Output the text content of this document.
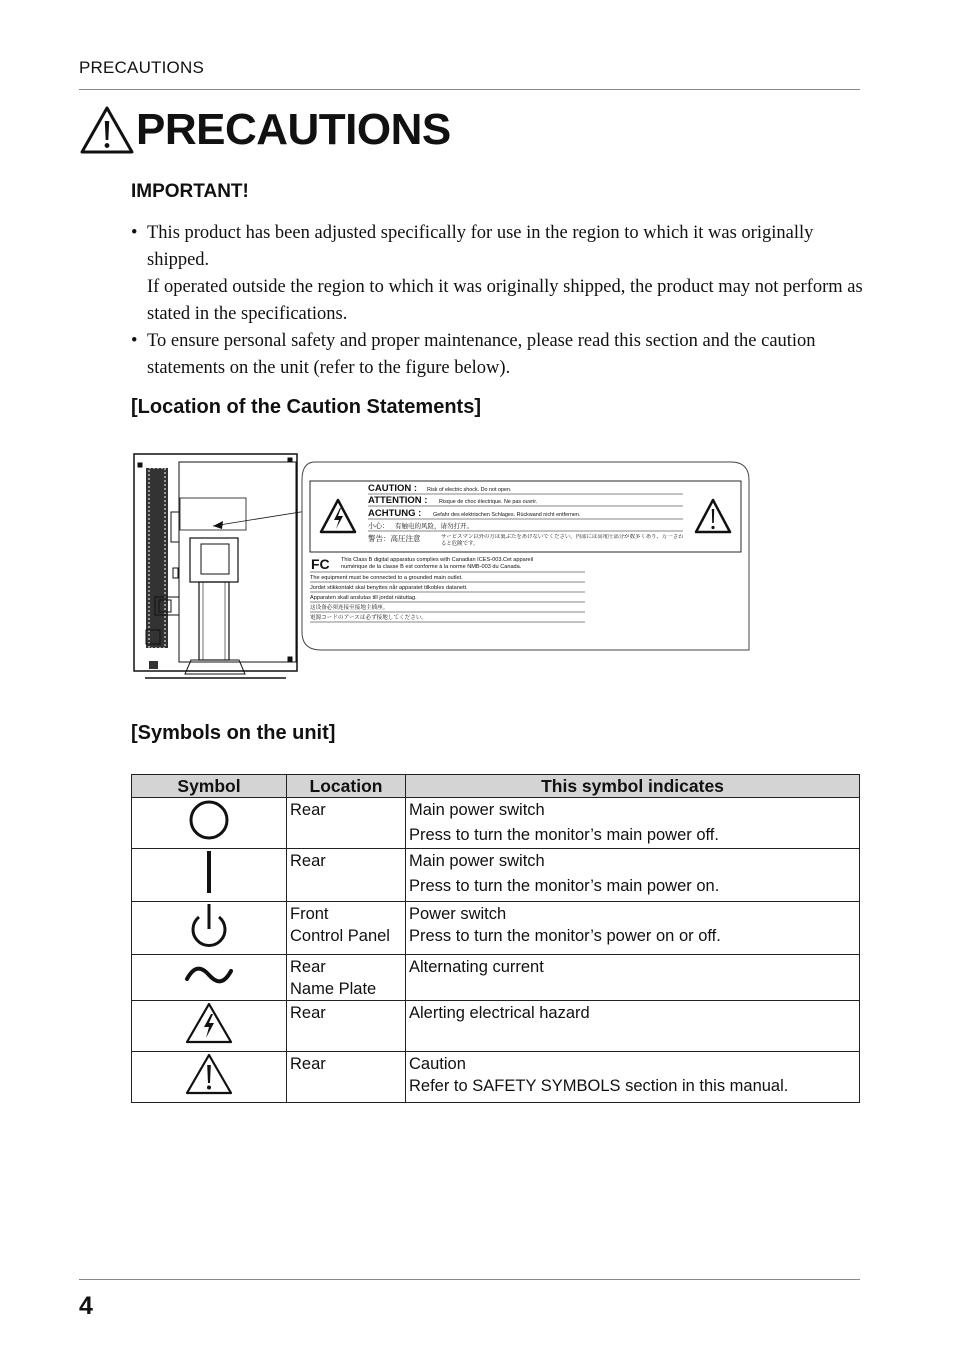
PRECAUTIONS
PRECAUTIONS
IMPORTANT!
• This product has been adjusted specifically for use in the region to which it was originally shipped.

If operated outside the region to which it was originally shipped, the product may not perform as stated in the specifications.

• To ensure personal safety and proper maintenance, please read this section and the caution statements on the unit (refer to the figure below).

[Location of the Caution Statements]
CAUTION : Risk of electric shock. Do not open.
ATTENTION : Risque de choc électrique. Ne pas ouvrir.
ACHTUNG : Gefahr des elektrischen Schlages. Rückwand nicht entfernen.
小心： 有触电的风险，请勿打开。
警告：高圧注意	サービスマン以外の方は裏ぶたをあけないでください。内部には高電圧部分が数多くあり、万一さわると危険です。
FC This Class B digital apparatus complies with Canadian ICES-003.Cet appareil
numérique de la classe B est conforme à la norme NMB-003 du Canada.
The equipment must be connected to a grounded main outlet.
Jordet stikkontakt skal benyttes når apparatet tilkobles datanett.
Apparaten skall anslutas till jordat nätuttag.
这设备必须连接至接地主插座。
電源コードのアースは必ず接地してください。
[Symbols on the unit]
Symbol	Location	This symbol indicates
	Rear	Main power switch
Press to turn the monitor’s main power off.

	Rear	Main power switch
Press to turn the monitor’s main power on.

	Front
Control Panel	Power switch
Press to turn the monitor’s power on or off.

	Rear
Name Plate	Alternating current
	Rear	Alerting electrical hazard
	Rear	Caution
Refer to SAFETY SYMBOLS section in this manual.
4
